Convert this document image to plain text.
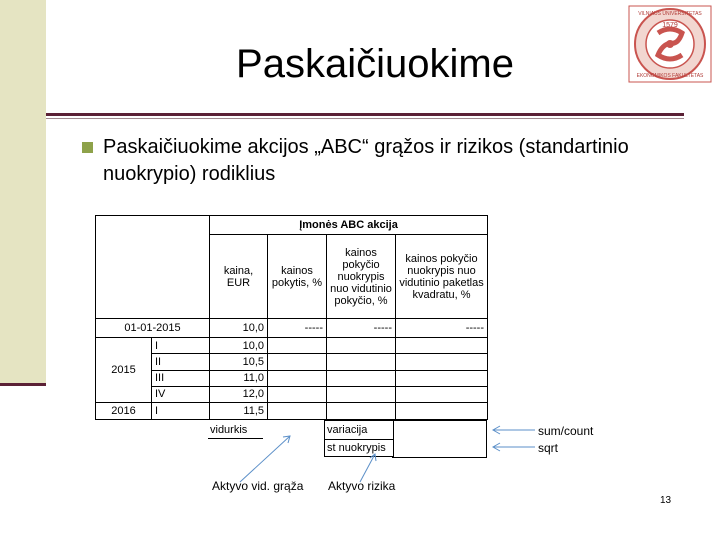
Paskaičiuokime
1579
VILNIAUS UNIVERSITETAS
EKONOMIKOS FAKULTETAS
Paskaičiuokime akcijos „ABC“ grąžos ir rizikos (standartinio nuokrypio) rodiklius
		Įmonės ABC akcija			
		kaina, EUR	kainos pokytis, %	kainos pokyčio nuokrypis nuo vidutinio pokyčio, %	kainos pokyčio nuokrypis nuo vidutinio paketlas kvadratu, %
01-01-2015		10,0	-----	-----	-----
2015	I	10,0			
	II	10,5			
	III	11,0			
	IV	12,0			
2016	I	11,5			
vidurkis	variacija
st nuokrypis
sum/count
sqrt
Aktyvo vid. grąža Aktyvo rizika
13
